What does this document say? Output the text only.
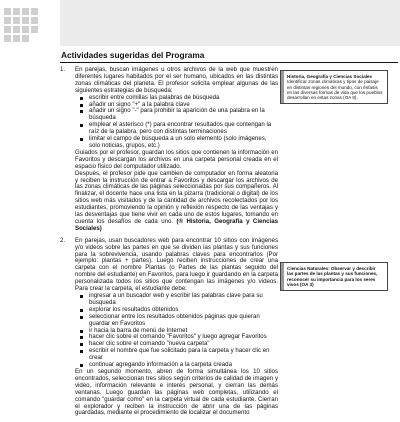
Actividades sugeridas del Programa
1. En parejas, buscan imágenes u otros archivos de la web que muestren diferentes lugares habitados por el ser humano, ubicados en las distintas zonas climáticas del planeta. El profesor solicita emplear algunas de las siguientes estrategias de búsqueda:

escribir entre comillas las palabras de búsqueda
añadir un signo "+" a la palabra clave
añadir un signo "-" para prohibir la aparición de una palabra en la búsqueda
emplear el asterisco (*) para encontrar resultados que contengan la raíz de la palabra, pero con distintas terminaciones
limitar el campo de búsqueda a un solo elemento (solo imágenes, solo noticias, grupos, etc.)

Guiados por el profesor, guardan los sitios que contienen la información en Favoritos y descargan los archivos en una carpeta personal creada en el espacio físico del computador utilizado.

Después, el profesor pide que cambien de computador en forma aleatoria y reciben la instrucción de entrar a Favoritos y descargar los archivos de las zonas climáticas de las páginas seleccionadas por sus compañeros. Al finalizar, el docente hace una lista en la pizarra (tradicional o digital) de los sitios web más visitados y de la cantidad de archivos recolectados por los estudiantes, promoviendo la opinión y reflexión respecto de las ventajas y las desventajas que tiene vivir en cada uno de estos lugares, tomando en cuenta los desafíos de cada uno. (® Historia, Geografía y Ciencias Sociales)

2. En parejas, usan buscadores web para encontrar 10 sitios con imágenes y/o videos sobre las partes en que se dividen las plantas y sus funciones para la sobrevivencia, usando palabras claves para encontrarlos (Por ejemplo: plantas + partes). Luego reciben instrucciones de crear una carpeta con el nombre Plantas (o Partes de las plantas seguido del nombre del estudiante) en Favoritos, para luego ir guardando en la carpeta personalizada todos los sitios que contengan las imágenes y/o videos. Para crear la carpeta, el estudiante debe:

ingresar a un buscador web y escribir las palabras clave para su búsqueda
explorar los resultados obtenidos
seleccionar entre los resultados obtenidos páginas que quieran guardar en Favoritos
ir hacia la barra de menú de Internet
hacer clic sobre el comando "Favoritos" y luego agregar Favoritos
hacer clic sobre el comando "nueva carpeta"
escribir el nombre que fue solicitado para la carpeta y hacer clic en crear
continuar agregando información a la carpeta creada

En un segundo momento, abren de forma simultánea los 10 sitios encontrados, seleccionan tres sitios según criterios de calidad de imagen y video, información relevante e interés personal, y cierran las demás ventanas. Luego guardan las páginas web completas, utilizando el comando "guardar como" en la carpeta virtual de cada estudiante. Cierran el explorador y reciben la instrucción de abrir una de las páginas guardadas, mediante el procedimiento de localizar el documento

Historia, Geografía y Ciencias Sociales
Identificar zonas climáticas y tipos de paisaje en distintas regiones del mundo, con énfasis en las diversas formas de vida que los pueblos desarrollan en estas zonas (OA 8).
Ciencias Naturales: Observar y describir las partes de las plantas y sus funciones, reconocer su importancia para los seres vivos (OA 3)
